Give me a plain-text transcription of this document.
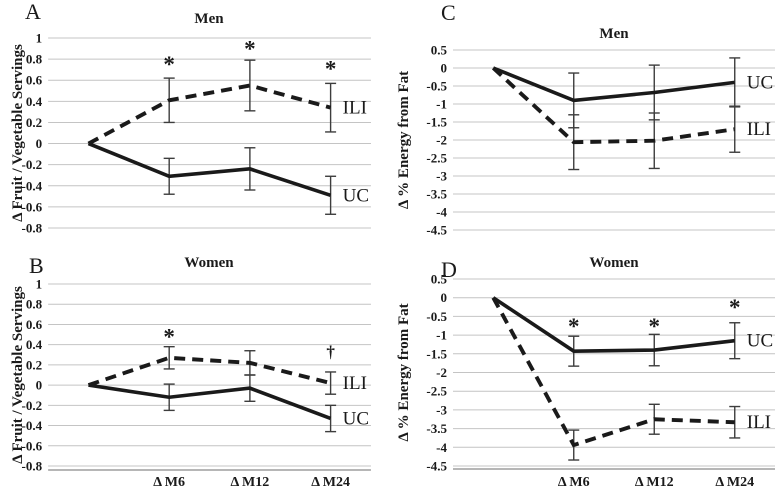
A	Men
Δ Fruit / Vegetable Servings
1
0.8
0.6
0.4
0.2
0
-0.2
-0.4
-0.6
-0.8
UC
ILI
*
*
*
C
Men
Δ % Energy from Fat
0.5
0
-0.5
-1
-1.5
-2
-2.5
-3
-3.5
-4
-4.5
UC
ILI
B	Women
Δ Fruit / Vegetable Servings
1
0.8
0.6
0.4
0.2
0
-0.2
-0.4
-0.6
-0.8
Δ M6	Δ M12	Δ M24
UC
ILI
*
†
D	Women
Δ % Energy from Fat
0.5
0
-0.5
-1
-1.5
-2
-2.5
-3
-3.5
-4
-4.5
Δ M6	Δ M12	Δ M24
UC
ILI
*	*
*
